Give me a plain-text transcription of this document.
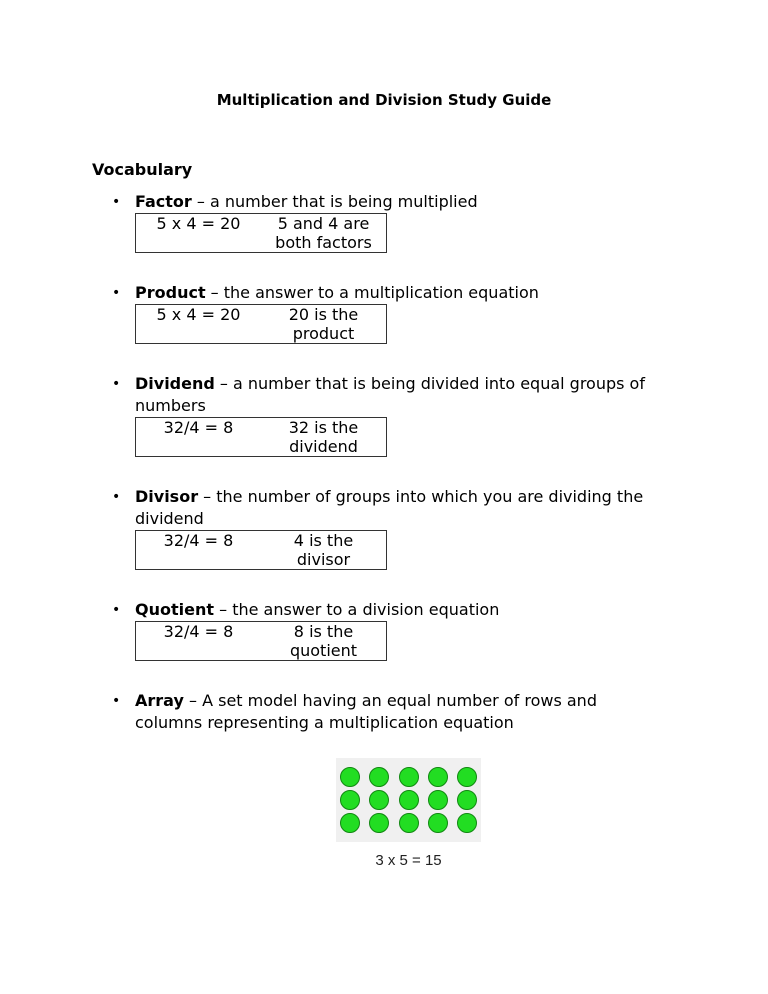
Multiplication and Division Study Guide
Vocabulary
• Factor – a number that is being multiplied
5 x 4 = 20	5 and 4 are
both factors
• Product – the answer to a multiplication equation
5 x 4 = 20	20 is the
product
• Dividend – a number that is being divided into equal groups of
numbers
32/4 = 8	32 is the
dividend
• Divisor – the number of groups into which you are dividing the
dividend
32/4 = 8	4 is the
divisor
• Quotient – the answer to a division equation
32/4 = 8	8 is the
quotient
• Array – A set model having an equal number of rows and
columns representing a multiplication equation
3 x 5 = 15
